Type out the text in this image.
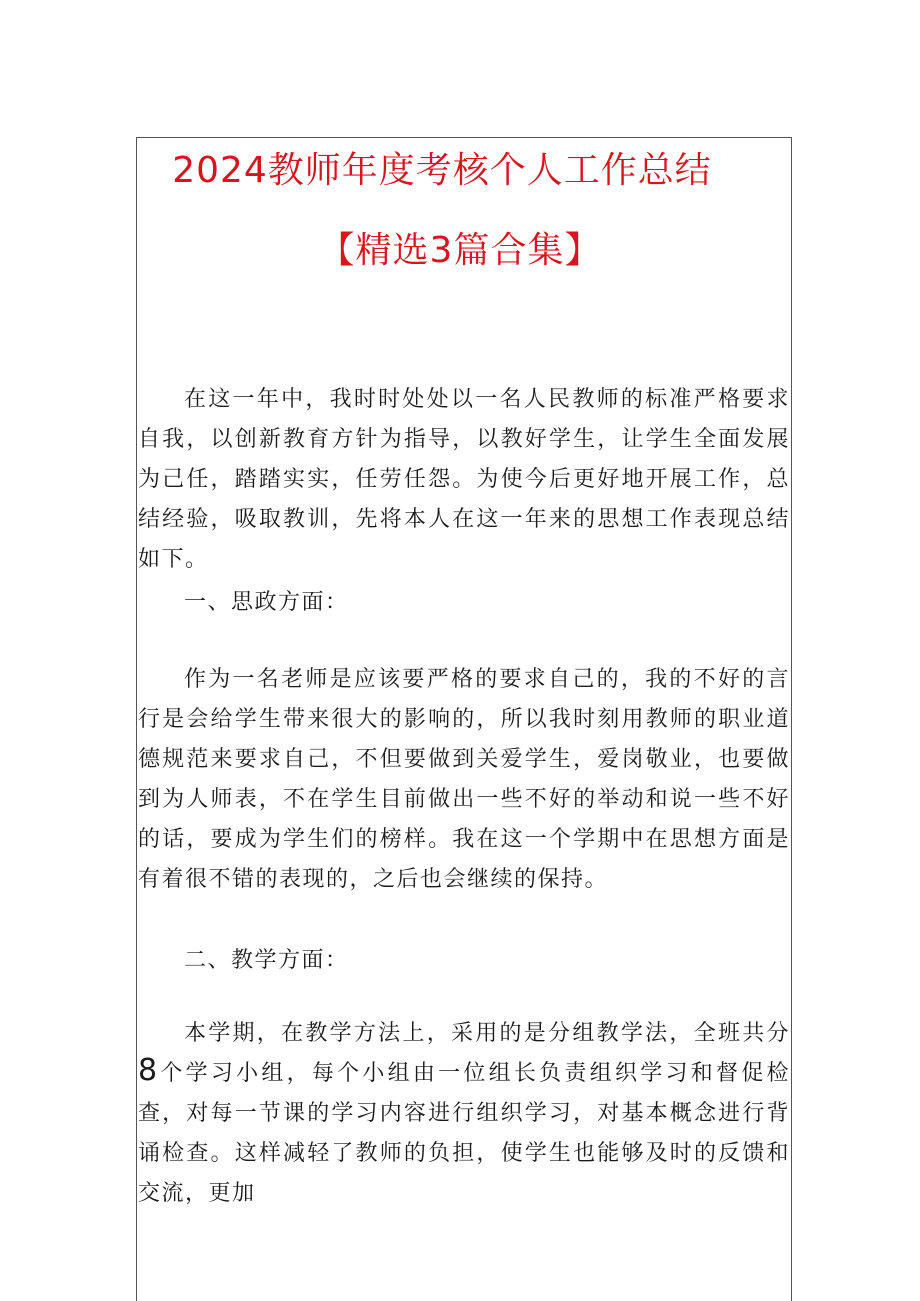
2024教师年度考核个人工作总结
【精选3篇合集】

在这一年中，我时时处处以一名人民教师的标准严格要求自我，以创新教育方针为指导，以教好学生，让学生全面发展为己任，踏踏实实，任劳任怨。为使今后更好地开展工作，总结经验，吸取教训，先将本人在这一年来的思想工作表现总结如下。

一、思政方面：

作为一名老师是应该要严格的要求自己的，我的不好的言行是会给学生带来很大的影响的，所以我时刻用教师的职业道德规范来要求自己，不但要做到关爱学生，爱岗敬业，也要做到为人师表，不在学生目前做出一些不好的举动和说一些不好的话，要成为学生们的榜样。我在这一个学期中在思想方面是有着很不错的表现的，之后也会继续的保持。

二、教学方面：

本学期，在教学方法上，采用的是分组教学法，全班共分8个学习小组，每个小组由一位组长负责组织学习和督促检查，对每一节课的学习内容进行组织学习，对基本概念进行背诵检查。这样减轻了教师的负担，使学生也能够及时的反馈和交流，更加
